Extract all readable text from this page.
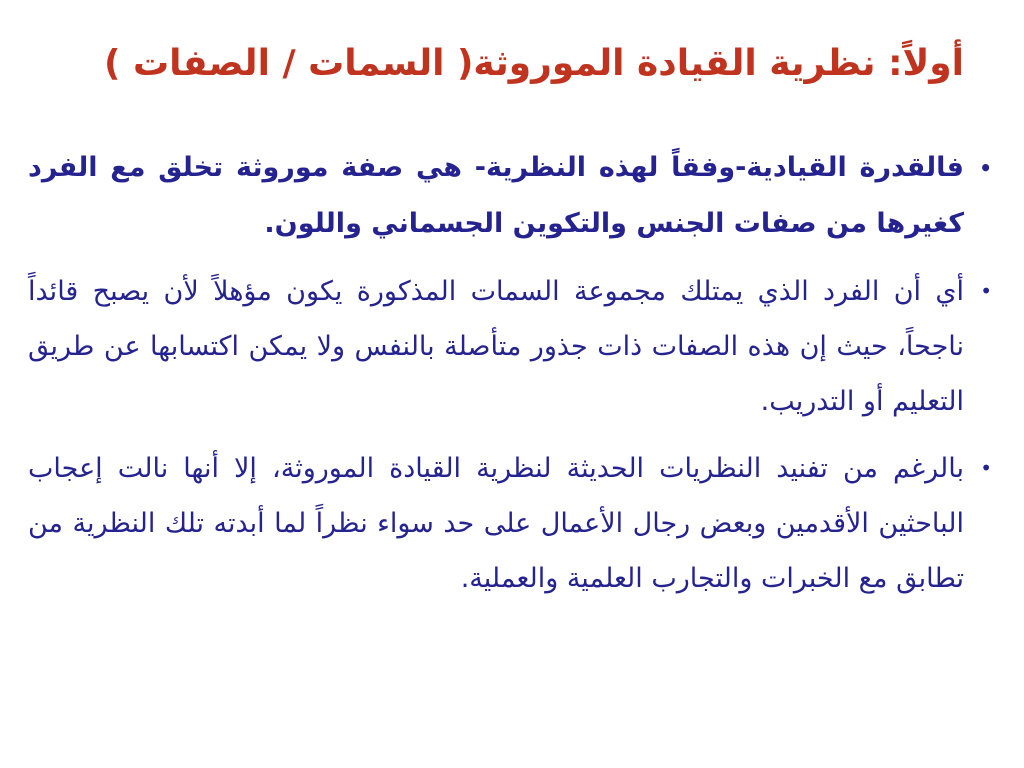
أولاً: نظرية القيادة الموروثة( السمات / الصفات )
•
فالقدرة القيادية-وفقاً لهذه النظرية- هي صفة موروثة تخلق مع الفرد كغيرها من صفات الجنس والتكوين الجسماني واللون.
•
أي أن الفرد الذي يمتلك مجموعة السمات المذكورة يكون مؤهلاً لأن يصبح قائداً ناجحاً، حيث إن هذه الصفات ذات جذور متأصلة بالنفس ولا يمكن اكتسابها عن طريق التعليم أو التدريب.
•
بالرغم من تفنيد النظريات الحديثة لنظرية القيادة الموروثة، إلا أنها نالت إعجاب الباحثين الأقدمين وبعض رجال الأعمال على حد سواء نظراً لما أبدته تلك النظرية من تطابق مع الخبرات والتجارب العلمية والعملية.
